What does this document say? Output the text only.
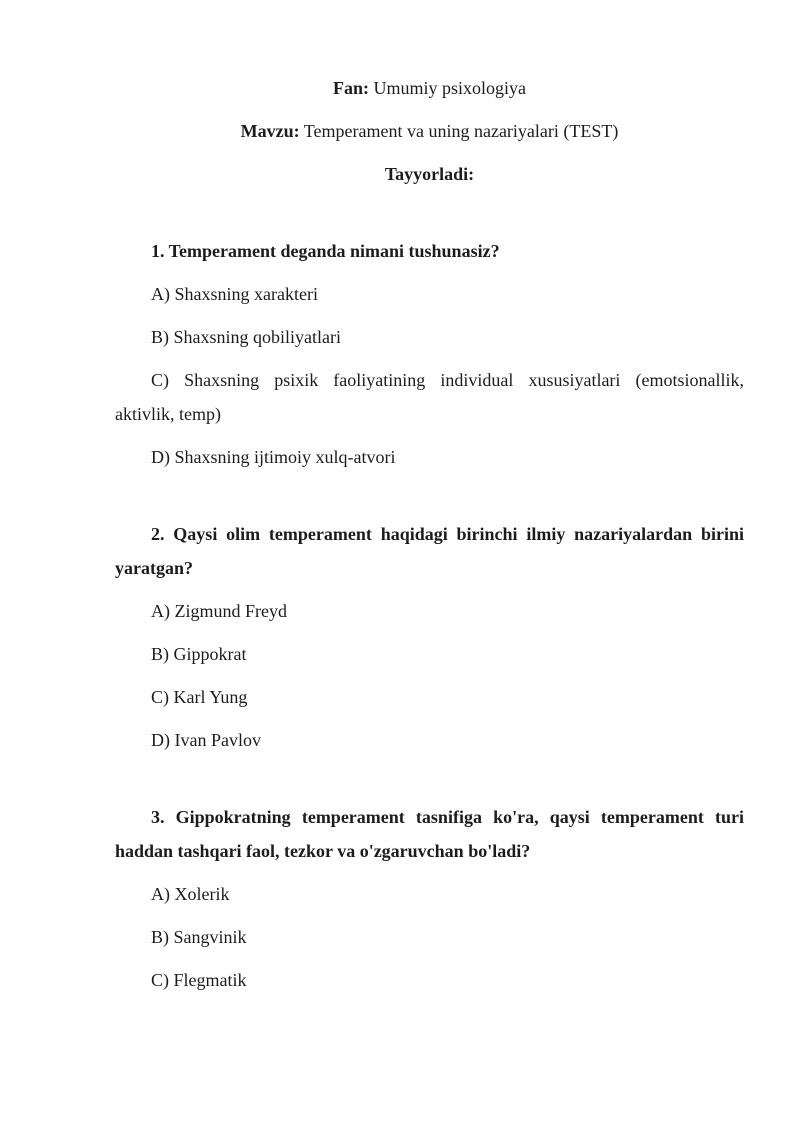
Fan: Umumiy psixologiya

Mavzu: Temperament va uning nazariyalari (TEST)

Tayyorladi:

1. Temperament deganda nimani tushunasiz?

A) Shaxsning xarakteri

B) Shaxsning qobiliyatlari

C) Shaxsning psixik faoliyatining individual xususiyatlari (emotsionallik, aktivlik, temp)

D) Shaxsning ijtimoiy xulq-atvori

2. Qaysi olim temperament haqidagi birinchi ilmiy nazariyalardan birini yaratgan?

A) Zigmund Freyd

B) Gippokrat

C) Karl Yung

D) Ivan Pavlov

3. Gippokratning temperament tasnifiga ko'ra, qaysi temperament turi haddan tashqari faol, tezkor va o'zgaruvchan bo'ladi?

A) Xolerik

B) Sangvinik

C) Flegmatik
